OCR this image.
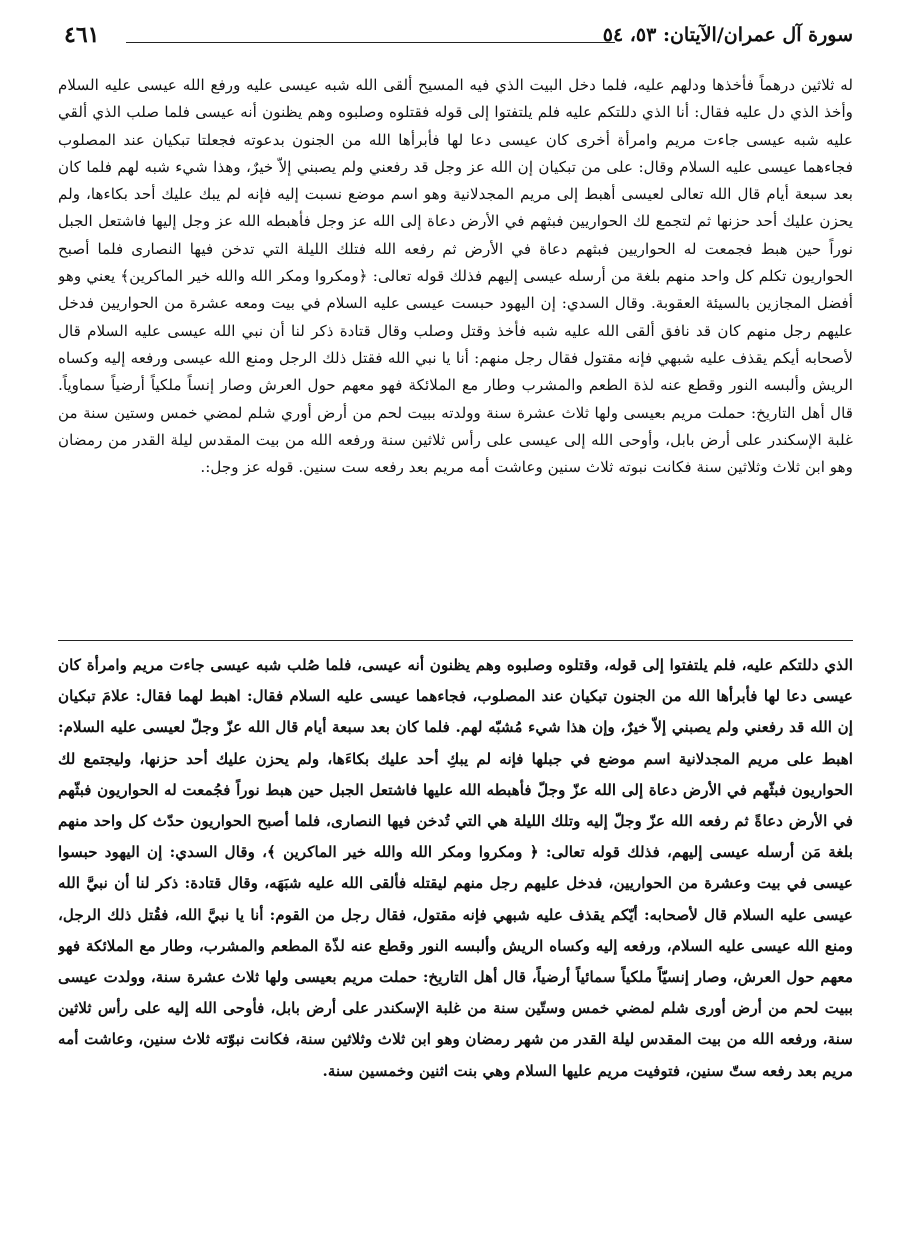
سورة آل عمران/الآيتان: ٥٣، ٥٤
٤٦١
له ثلاثين درهماً فأخذها ودلهم عليه، فلما دخل البيت الذي فيه المسيح ألقى الله شبه عيسى عليه ورفع الله عيسى عليه السلام وأخذ الذي دل عليه فقال: أنا الذي دللتكم عليه فلم يلتفتوا إلى قوله فقتلوه وصلبوه وهم يظنون أنه عيسى فلما صلب الذي ألقي عليه شبه عيسى جاءت مريم وامرأة أخرى كان عيسى دعا لها فأبرأها الله من الجنون بدعوته فجعلتا تبكيان عند المصلوب فجاءهما عيسى عليه السلام وقال: على من تبكيان إن الله عز وجل قد رفعني ولم يصبني إلاّ خيرٌ، وهذا شيء شبه لهم فلما كان بعد سبعة أيام قال الله تعالى لعيسى أهبط إلى مريم المجدلانية وهو اسم موضع نسبت إليه فإنه لم يبك عليك أحد بكاءها، ولم يحزن عليك أحد حزنها ثم لتجمع لك الحواريين فبثهم في الأرض دعاة إلى الله عز وجل فأهبطه الله عز وجل إليها فاشتعل الجبل نوراً حين هبط فجمعت له الحواريين فبثهم دعاة في الأرض ثم رفعه الله فتلك الليلة التي تدخن فيها النصارى فلما أصبح الحواريون تكلم كل واحد منهم بلغة من أرسله عيسى إليهم فذلك قوله تعالى: ﴿ومكروا ومكر الله والله خير الماكرين﴾ يعني وهو أفضل المجازين بالسيئة العقوبة. وقال السدي: إن اليهود حبست عيسى عليه السلام في بيت ومعه عشرة من الحواريين فدخل عليهم رجل منهم كان قد نافق ألقى الله عليه شبه فأخذ وقتل وصلب وقال قتادة ذكر لنا أن نبي الله عيسى عليه السلام قال لأصحابه أيكم يقذف عليه شبهي فإنه مقتول فقال رجل منهم: أنا يا نبي الله فقتل ذلك الرجل ومنع الله عيسى ورفعه إليه وكساه الريش وألبسه النور وقطع عنه لذة الطعم والمشرب وطار مع الملائكة فهو معهم حول العرش وصار إنساً ملكياً أرضياً سماوياً. قال أهل التاريخ: حملت مريم بعيسى ولها ثلاث عشرة سنة وولدته ببيت لحم من أرض أوري شلم لمضي خمس وستين سنة من غلبة الإسكندر على أرض بابل، وأوحى الله إلى عيسى على رأس ثلاثين سنة ورفعه الله من بيت المقدس ليلة القدر من رمضان وهو ابن ثلاث وثلاثين سنة فكانت نبوته ثلاث سنين وعاشت أمه مريم بعد رفعه ست سنين. قوله عز وجل:.
الذي دللتكم عليه، فلم يلتفتوا إلى قوله، وقتلوه وصلبوه وهم يظنون أنه عيسى، فلما صُلب شبه عيسى جاءت مريم وامرأة كان عيسى دعا لها فأبرأها الله من الجنون تبكيان عند المصلوب، فجاءهما عيسى عليه السلام فقال: اهبط لهما فقال: علامَ تبكيان إن الله قد رفعني ولم يصبني إلاّ خيرٌ، وإن هذا شيء مُشبّه لهم. فلما كان بعد سبعة أيام قال الله عزّ وجلّ لعيسى عليه السلام: اهبط على مريم المجدلانية اسم موضع في جبلها فإنه لم يبكِ أحد عليك بكاءَها، ولم يحزن عليك أحد حزنها، وليجتمع لك الحواريون فبثّهم في الأرض دعاة إلى الله عزّ وجلّ فأهبطه الله عليها فاشتعل الجبل حين هبط نوراً فجُمعت له الحواريون فبثّهم في الأرض دعاةً ثم رفعه الله عزّ وجلّ إليه وتلك الليلة هي التي تُدخن فيها النصارى، فلما أصبح الحواريون حدّث كل واحد منهم بلغة مَن أرسله عيسى إليهم، فذلك قوله تعالى: ﴿ ومكروا ومكر الله والله خير الماكرين ﴾، وقال السدي: إن اليهود حبسوا عيسى في بيت وعشرة من الحواريين، فدخل عليهم رجل منهم ليقتله فألقى الله عليه شبَهَه، وقال قتادة: ذكر لنا أن نبيَّ الله عيسى عليه السلام قال لأصحابه: أيّكم يقذف عليه شبهي فإنه مقتول، فقال رجل من القوم: أنا يا نبيَّ الله، فقُتل ذلك الرجل، ومنع الله عيسى عليه السلام، ورفعه إليه وكساه الريش وألبسه النور وقطع عنه لذّة المطعم والمشرب، وطار مع الملائكة فهو معهم حول العرش، وصار إنسيّاً ملكياً سمائياً أرضياً، قال أهل التاريخ: حملت مريم بعيسى ولها ثلاث عشرة سنة، وولدت عيسى ببيت لحم من أرض أورى شلم لمضي خمس وستّين سنة من غلبة الإسكندر على أرض بابل، فأوحى الله إليه على رأس ثلاثين سنة، ورفعه الله من بيت المقدس ليلة القدر من شهر رمضان وهو ابن ثلاث وثلاثين سنة، فكانت نبوّته ثلاث سنين، وعاشت أمه مريم بعد رفعه ستّ سنين، فتوفيت مريم عليها السلام وهي بنت اثنين وخمسين سنة.
